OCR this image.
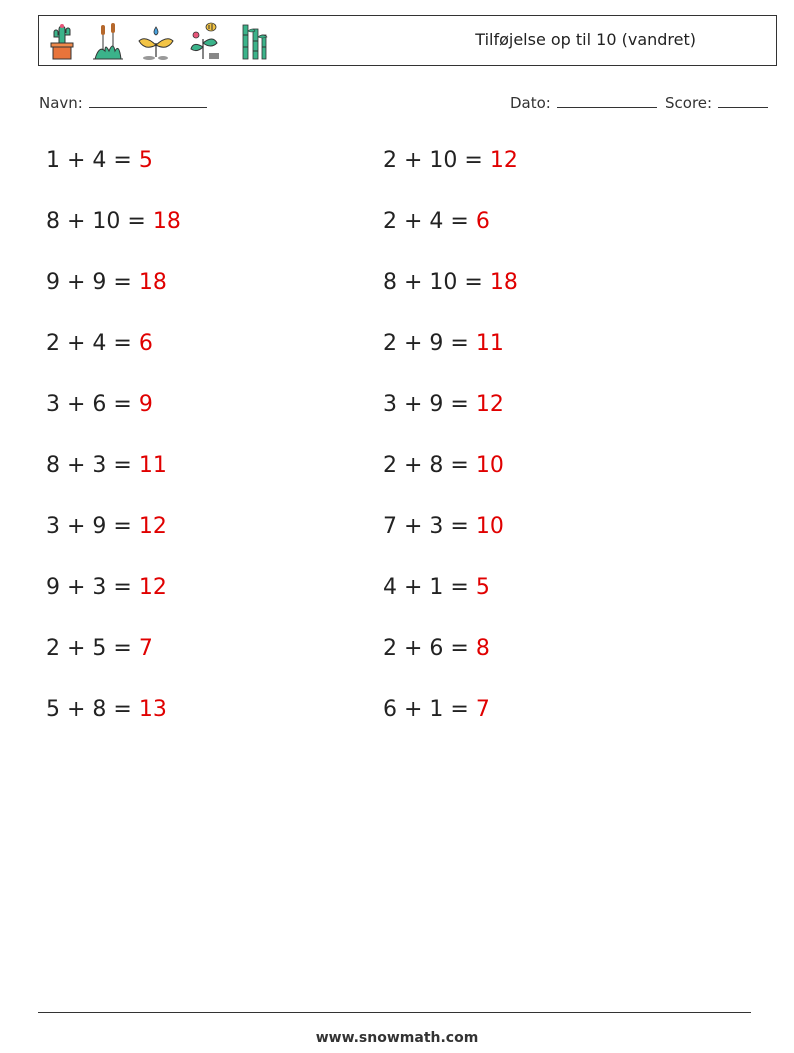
Tilføjelse op til 10 (vandret)
Navn:	Dato:	Score:
1 + 4 = 5	2 + 10 = 12
8 + 10 = 18	2 + 4 = 6
9 + 9 = 18	8 + 10 = 18
2 + 4 = 6	2 + 9 = 11
3 + 6 = 9	3 + 9 = 12
8 + 3 = 11	2 + 8 = 10
3 + 9 = 12	7 + 3 = 10
9 + 3 = 12	4 + 1 = 5
2 + 5 = 7	2 + 6 = 8
5 + 8 = 13	6 + 1 = 7
www.snowmath.com
